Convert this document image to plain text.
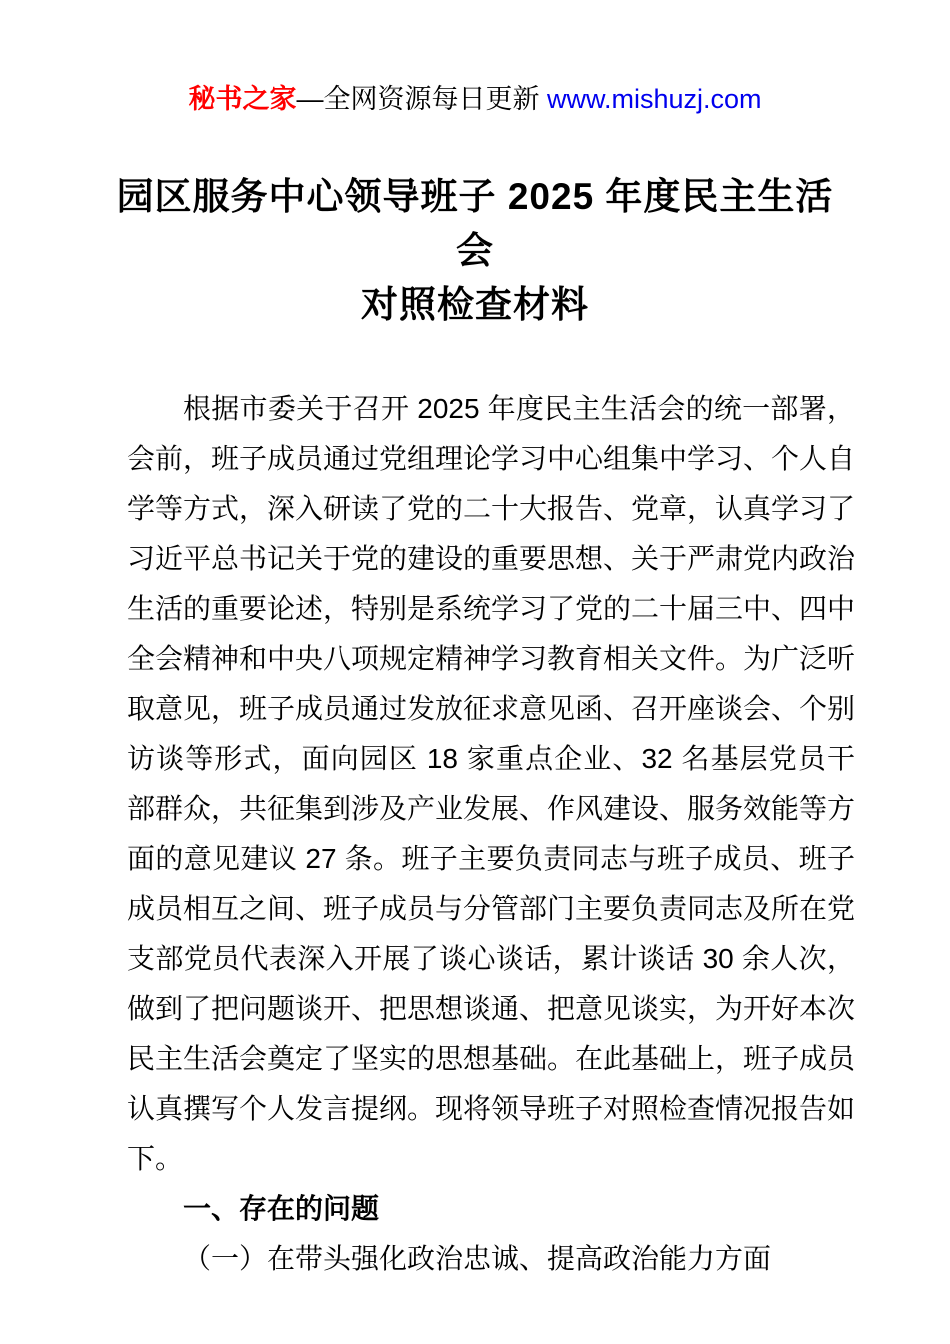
秘书之家—全网资源每日更新 www.mishuzj.com
园区服务中心领导班子 2025 年度民主生活会
对照检查材料

根据市委关于召开 2025 年度民主生活会的统一部署，会前，班子成员通过党组理论学习中心组集中学习、个人自学等方式，深入研读了党的二十大报告、党章，认真学习了习近平总书记关于党的建设的重要思想、关于严肃党内政治生活的重要论述，特别是系统学习了党的二十届三中、四中全会精神和中央八项规定精神学习教育相关文件。为广泛听取意见，班子成员通过发放征求意见函、召开座谈会、个别访谈等形式，面向园区 18 家重点企业、32 名基层党员干部群众，共征集到涉及产业发展、作风建设、服务效能等方面的意见建议 27 条。班子主要负责同志与班子成员、班子成员相互之间、班子成员与分管部门主要负责同志及所在党支部党员代表深入开展了谈心谈话，累计谈话 30 余人次，做到了把问题谈开、把思想谈通、把意见谈实，为开好本次民主生活会奠定了坚实的思想基础。在此基础上，班子成员认真撰写个人发言提纲。现将领导班子对照检查情况报告如下。

一、存在的问题

（一）在带头强化政治忠诚、提高政治能力方面
